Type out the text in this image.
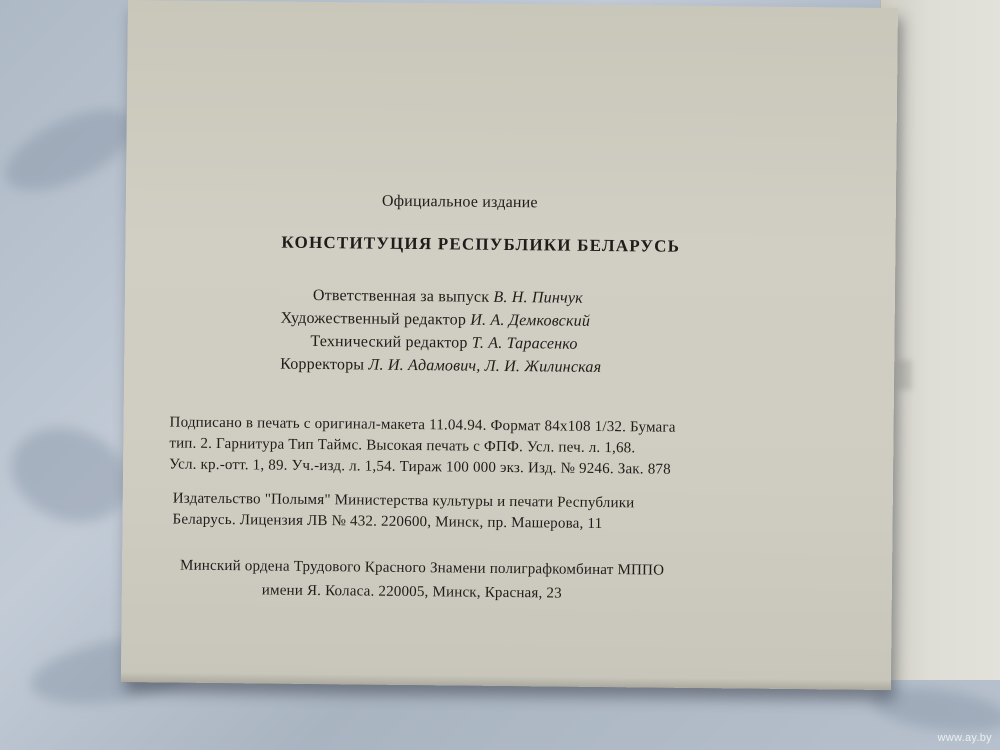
Официальное издание
КОНСТИТУЦИЯ РЕСПУБЛИКИ БЕЛАРУСЬ
Ответственная за выпуск В. Н. Пинчук
Художественный редактор И. А. Демковский
Технический редактор Т. А. Тарасенко
Корректоры Л. И. Адамович, Л. И. Жилинская
Подписано в печать с оригинал-макета 11.04.94. Формат 84x108 1/32. Бумага
тип. 2. Гарнитура Тип Таймс. Высокая печать с ФПФ. Усл. печ. л. 1,68.
Усл. кр.-отт. 1, 89. Уч.-изд. л. 1,54. Тираж 100 000 экз. Изд. № 9246. Зак. 878
Издательство "Полымя" Министерства культуры и печати Республики
Беларусь. Лицензия ЛВ № 432. 220600, Минск, пр. Машерова, 11
Минский ордена Трудового Красного Знамени полиграфкомбинат МППО
имени Я. Коласа. 220005, Минск, Красная, 23
www.ay.by
